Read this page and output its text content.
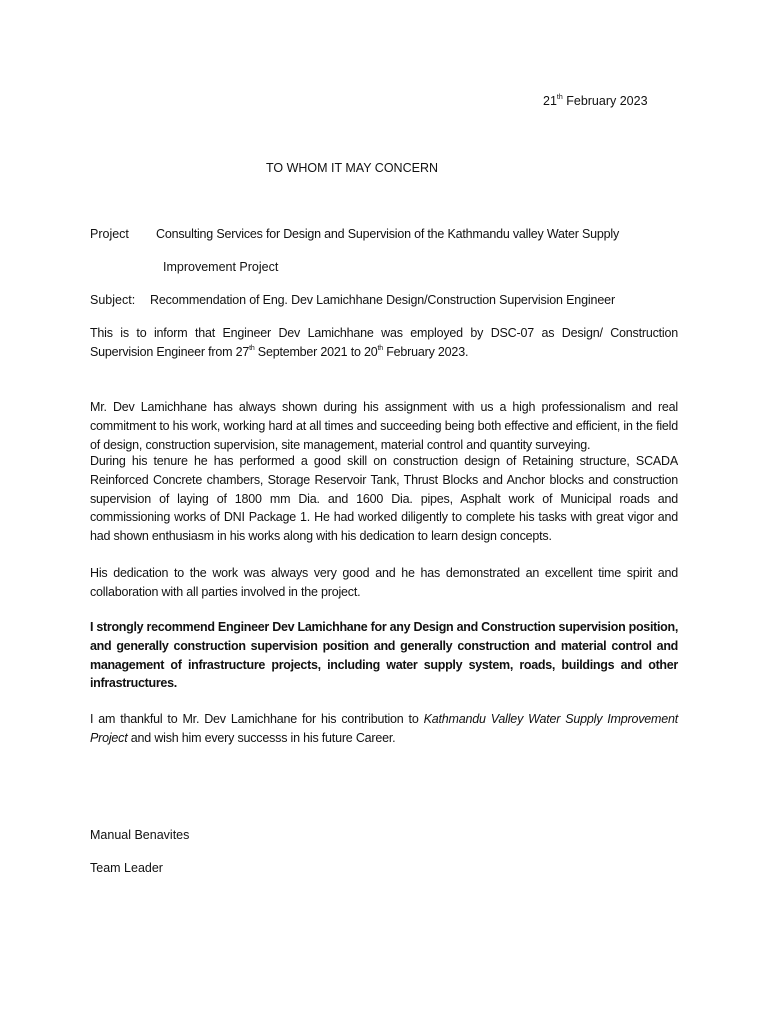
21th February 2023
TO WHOM IT MAY CONCERN
Project Consulting Services for Design and Supervision of the Kathmandu valley Water Supply
Improvement Project
Subject: Recommendation of Eng. Dev Lamichhane Design/Construction Supervision Engineer
This is to inform that Engineer Dev Lamichhane was employed by DSC-07 as Design/ Construction Supervision Engineer from 27th September 2021 to 20th February 2023.
Mr. Dev Lamichhane has always shown during his assignment with us a high professionalism and real commitment to his work, working hard at all times and succeeding being both effective and efficient, in the field of design, construction supervision, site management, material control and quantity surveying.
During his tenure he has performed a good skill on construction design of Retaining structure, SCADA Reinforced Concrete chambers, Storage Reservoir Tank, Thrust Blocks and Anchor blocks and construction supervision of laying of 1800 mm Dia. and 1600 Dia. pipes, Asphalt work of Municipal roads and commissioning works of DNI Package 1. He had worked diligently to complete his tasks with great vigor and had shown enthusiasm in his works along with his dedication to learn design concepts.
His dedication to the work was always very good and he has demonstrated an excellent time spirit and collaboration with all parties involved in the project.
I strongly recommend Engineer Dev Lamichhane for any Design and Construction supervision position, and generally construction supervision position and generally construction and material control and management of infrastructure projects, including water supply system, roads, buildings and other infrastructures.
I am thankful to Mr. Dev Lamichhane for his contribution to Kathmandu Valley Water Supply Improvement Project and wish him every successs in his future Career.
Manual Benavites
Team Leader
